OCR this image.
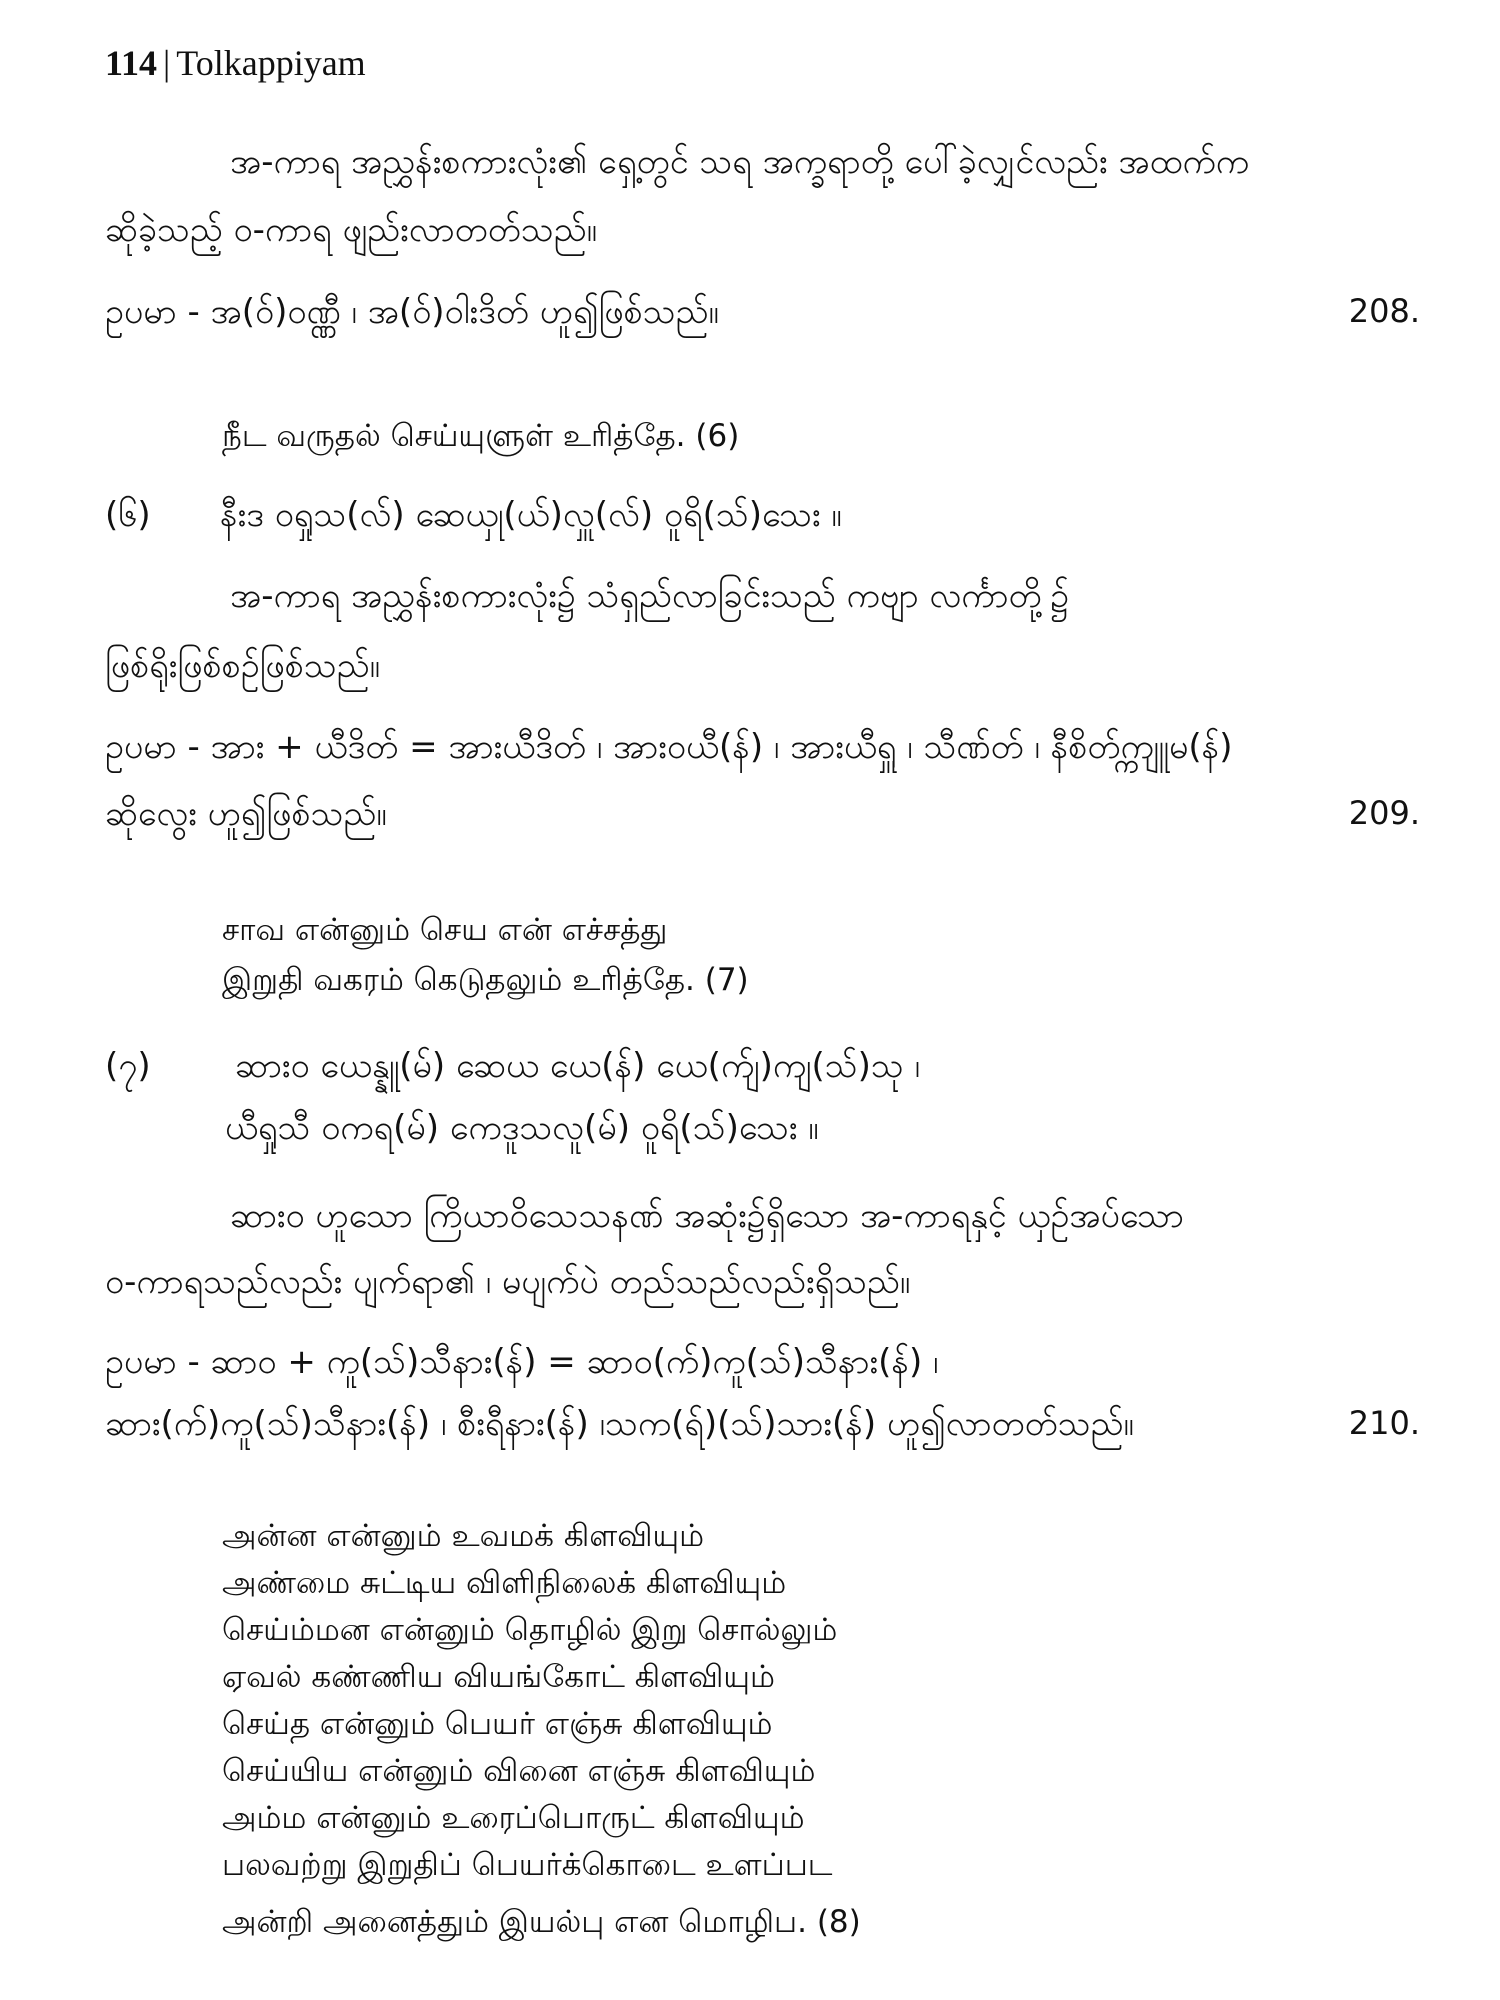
114 | Tolkappiyam
အ-ကာရ အညွှန်းစကားလုံး၏ ရှေ့တွင် သရ အက္ခရာတို့ ပေါ်ခဲ့လျှင်လည်း အထက်က
ဆိုခဲ့သည့် ဝ-ကာရ ဖျည်းလာတတ်သည်။
ဥပမာ - အ(ဝ်)ဝဏ္ဏီ ၊ အ(ဝ်)ဝါးဒိတ် ဟူ၍ဖြစ်သည်။	208.
நீட வருதல் செய்யுளுள் உரித்தே. (6)
(၆) နီးဒ ဝရှုသ(လ်) ဆေယှု(ယ်)လှူ(လ်) ဝူရိ(သ်)သေး ။
အ-ကာရ အညွှန်းစကားလုံး၌ သံရှည်လာခြင်းသည် ကဗျာ လင်္ကာတို့၌
ဖြစ်ရိုးဖြစ်စဉ်ဖြစ်သည်။
ဥပမာ - အား + ယီဒိတ် = အားယီဒိတ် ၊ အားဝယီ(န်) ၊ အားယီရှူ ၊ သီဏ်တ် ၊ နီစိတ်က္ကျူမ(န်)
ဆိုလွေး ဟူ၍ဖြစ်သည်။	209.
சாவ என்னும் செய என் எச்சத்து
இறுதி வகரம் கெடுதலும் உரித்தே. (7)
(၇) ဆား၀ ယေန္နူ(မ်) ဆေယ ယေ(န်) ယေ(က်ျ)ကျ(သ်)သု ၊
ယီရှုသီ ဝကရ(မ်) ကေဒူသလူ(မ်) ဝူရိ(သ်)သေး ။
ဆား၀ ဟူသော ကြိယာဝိသေသနဏ် အဆုံး၌ရှိသော အ-ကာရနှင့် ယှဉ်အပ်သော
ဝ-ကာရသည်လည်း ပျက်ရာ၏ ၊ မပျက်ပဲ တည်သည်လည်းရှိသည်။
ဥပမာ - ဆာ၀ + ကူ(သ်)သီနား(န်) = ဆာ၀(က်)ကူ(သ်)သီနား(န်) ၊
ဆား(က်)ကူ(သ်)သီနား(န်) ၊ စီးရီနား(န်) ၊သက(ရ်)(သ်)သား(န်) ဟူ၍လာတတ်သည်။	210.
அன்ன என்னும் உவமக் கிளவியும்
அண்மை சுட்டிய விளிநிலைக் கிளவியும்
செய்ம்மன என்னும் தொழில் இறு சொல்லும்
ஏவல் கண்ணிய வியங்கோட் கிளவியும்
செய்த என்னும் பெயர் எஞ்சு கிளவியும்
செய்யிய என்னும் வினை எஞ்சு கிளவியும்
அம்ம என்னும் உரைப்பொருட் கிளவியும்
பலவற்று இறுதிப் பெயர்க்கொடை உளப்பட
அன்றி அனைத்தும் இயல்பு என மொழிப. (8)
